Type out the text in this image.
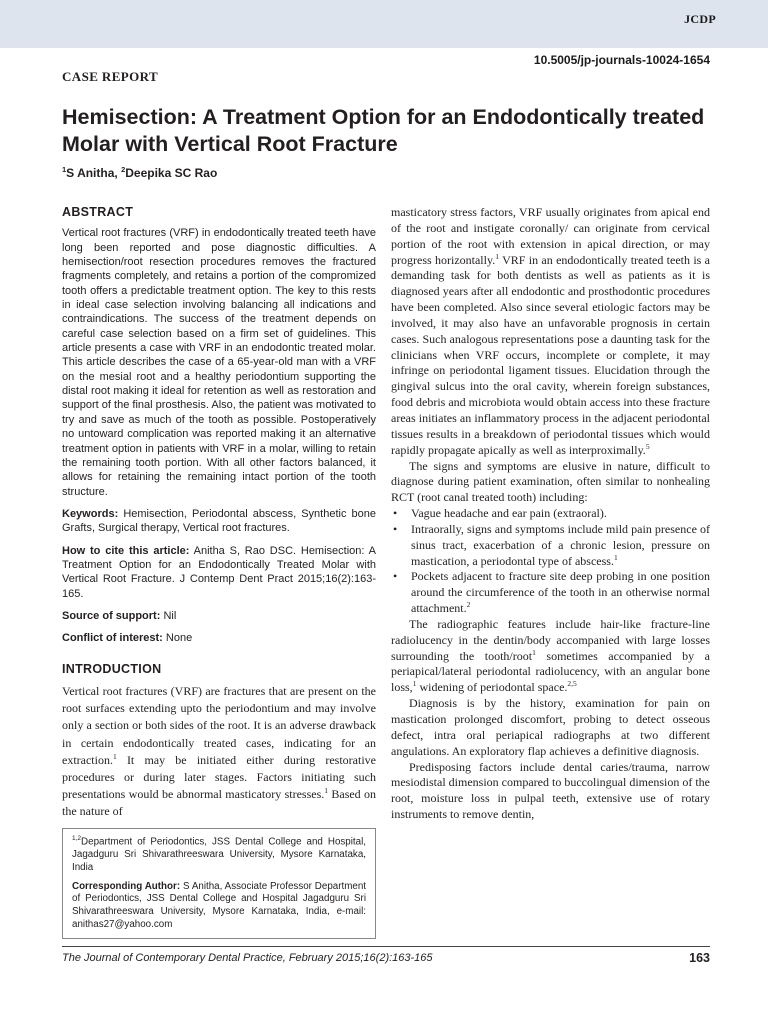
JCDP
10.5005/jp-journals-10024-1654
CASE REPORT
Hemisection: A Treatment Option for an Endodontically treated Molar with Vertical Root Fracture
$^1$S Anitha, $^2$Deepika SC Rao
ABSTRACT

Vertical root fractures (VRF) in endodontically treated teeth have long been reported and pose diagnostic difficulties. A hemisection/root resection procedures removes the fractured fragments completely, and retains a portion of the compromized tooth offers a predictable treatment option. The key to this rests in ideal case selection involving balancing all indications and contraindications. The success of the treatment depends on careful case selection based on a firm set of guidelines. This article presents a case with VRF in an endodontic treated molar. This article describes the case of a 65-year-old man with a VRF on the mesial root and a healthy periodontium supporting the distal root making it ideal for retention as well as restoration and support of the final prosthesis. Also, the patient was motivated to try and save as much of the tooth as possible. Postoperatively no untoward complication was reported making it an alternative treatment option in patients with VRF in a molar, willing to retain the remaining tooth portion. With all other factors balanced, it allows for retaining the remaining intact portion of the tooth structure.

Keywords: Hemisection, Periodontal abscess, Synthetic bone Grafts, Surgical therapy, Vertical root fractures.

How to cite this article: Anitha S, Rao DSC. Hemisection: A Treatment Option for an Endodontically Treated Molar with Vertical Root Fracture. J Contemp Dent Pract 2015;16(2):163-165.

Source of support: Nil

Conflict of interest: None

INTRODUCTION

Vertical root fractures (VRF) are fractures that are present on the root surfaces extending upto the periodontium and may involve only a section or both sides of the root. It is an adverse drawback in certain endodontically treated cases, indicating for an extraction.$^1$ It may be initiated either during restorative procedures or during later stages. Factors initiating such presentations would be abnormal masticatory stresses.$^1$ Based on the nature of

$^{1,2}$Department of Periodontics, JSS Dental College and Hospital, Jagadguru Sri Shivarathreeswara University, Mysore Karnataka, India

Corresponding Author: S Anitha, Associate Professor Department of Periodontics, JSS Dental College and Hospital Jagadguru Sri Shivarathreeswara University, Mysore Karnataka, India, e-mail: anithas27@yahoo.com

masticatory stress factors, VRF usually originates from apical end of the root and instigate coronally/ can originate from cervical portion of the root with extension in apical direction, or may progress horizontally.$^1$ VRF in an endodontically treated teeth is a demanding task for both dentists as well as patients as it is diagnosed years after all endodontic and prosthodontic procedures have been completed. Also since several etiologic factors may be involved, it may also have an unfavorable prognosis in certain cases. Such analogous representations pose a daunting task for the clinicians when VRF occurs, incomplete or complete, it may infringe on periodontal ligament tissues. Elucidation through the gingival sulcus into the oral cavity, wherein foreign substances, food debris and microbiota would obtain access into these fracture areas initiates an inflammatory process in the adjacent periodontal tissues results in a breakdown of periodontal tissues which would rapidly propagate apically as well as interproximally.$^5$

The signs and symptoms are elusive in nature, difficult to diagnose during patient examination, often similar to nonhealing RCT (root canal treated tooth) including:

• Vague headache and ear pain (extraoral).
• Intraorally, signs and symptoms include mild pain presence of sinus tract, exacerbation of a chronic lesion, pressure on mastication, a periodontal type of abscess.$^1$
• Pockets adjacent to fracture site deep probing in one position around the circumference of the tooth in an otherwise normal attachment.$^2$

The radiographic features include hair-like fracture-line radiolucency in the dentin/body accompanied with large losses surrounding the tooth/root$^1$ sometimes accompanied by a periapical/lateral periodontal radiolucency, with an angular bone loss,$^1$ widening of periodontal space.$^{2,5}$

Diagnosis is by the history, examination for pain on mastication prolonged discomfort, probing to detect osseous defect, intra oral periapical radiographs at two different angulations. An exploratory flap achieves a definitive diagnosis.

Predisposing factors include dental caries/trauma, narrow mesiodistal dimension compared to buccolingual dimension of the root, moisture loss in pulpal teeth, extensive use of rotary instruments to remove dentin,

The Journal of Contemporary Dental Practice, February 2015;16(2):163-165	163
